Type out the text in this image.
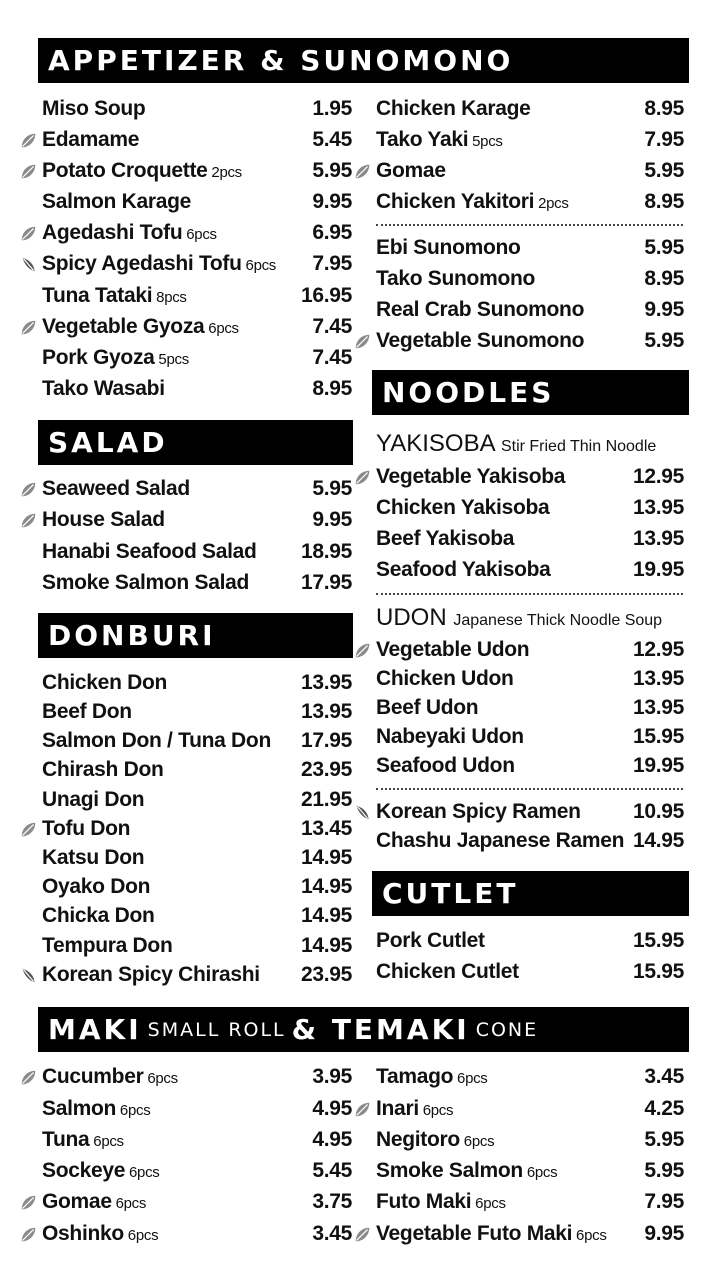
APPETIZER & SUNOMONO
SALAD
DONBURI
NOODLES
CUTLET
MAKI SMALL ROLL & TEMAKI CONE
YAKISOBA Stir Fried Thin Noodle
UDON Japanese Thick Noodle Soup
Miso Soup	1.95
Edamame	5.45
Potato Croquette 2pcs	5.95
Salmon Karage	9.95
Agedashi Tofu 6pcs	6.95
Spicy Agedashi Tofu 6pcs 7.95
Tuna Tataki 8pcs	16.95
Vegetable Gyoza 6pcs	7.45
Pork Gyoza 5pcs	7.45
Tako Wasabi	8.95
Chicken Karage	8.95
Tako Yaki 5pcs	7.95
Gomae	5.95
Chicken Yakitori 2pcs	8.95
Ebi Sunomono	5.95
Tako Sunomono	8.95
Real Crab Sunomono	9.95
Vegetable Sunomono	5.95
Seaweed Salad	5.95
House Salad	9.95
Hanabi Seafood Salad 18.95
Smoke Salmon Salad 17.95
Chicken Don	13.95
Beef Don	13.95
Salmon Don / Tuna Don 17.95
Chirash Don	23.95
Unagi Don	21.95
Tofu Don	13.45
Katsu Don	14.95
Oyako Don	14.95
Chicka Don	14.95
Tempura Don	14.95
Korean Spicy Chirashi 23.95
Vegetable Yakisoba	12.95
Chicken Yakisoba	13.95
Beef Yakisoba	13.95
Seafood Yakisoba	19.95
Vegetable Udon	12.95
Chicken Udon	13.95
Beef Udon	13.95
Nabeyaki Udon	15.95
Seafood Udon	19.95
Korean Spicy Ramen 10.95
Chashu Japanese Ramen 14.95
Pork Cutlet	15.95
Chicken Cutlet	15.95
Cucumber 6pcs	3.95
Salmon 6pcs	4.95
Tuna 6pcs	4.95
Sockeye 6pcs	5.45
Gomae 6pcs	3.75
Oshinko 6pcs	3.45
Tamago 6pcs	3.45
Inari 6pcs	4.25
Negitoro 6pcs	5.95
Smoke Salmon 6pcs	5.95
Futo Maki 6pcs	7.95
Vegetable Futo Maki 6pcs 9.95
